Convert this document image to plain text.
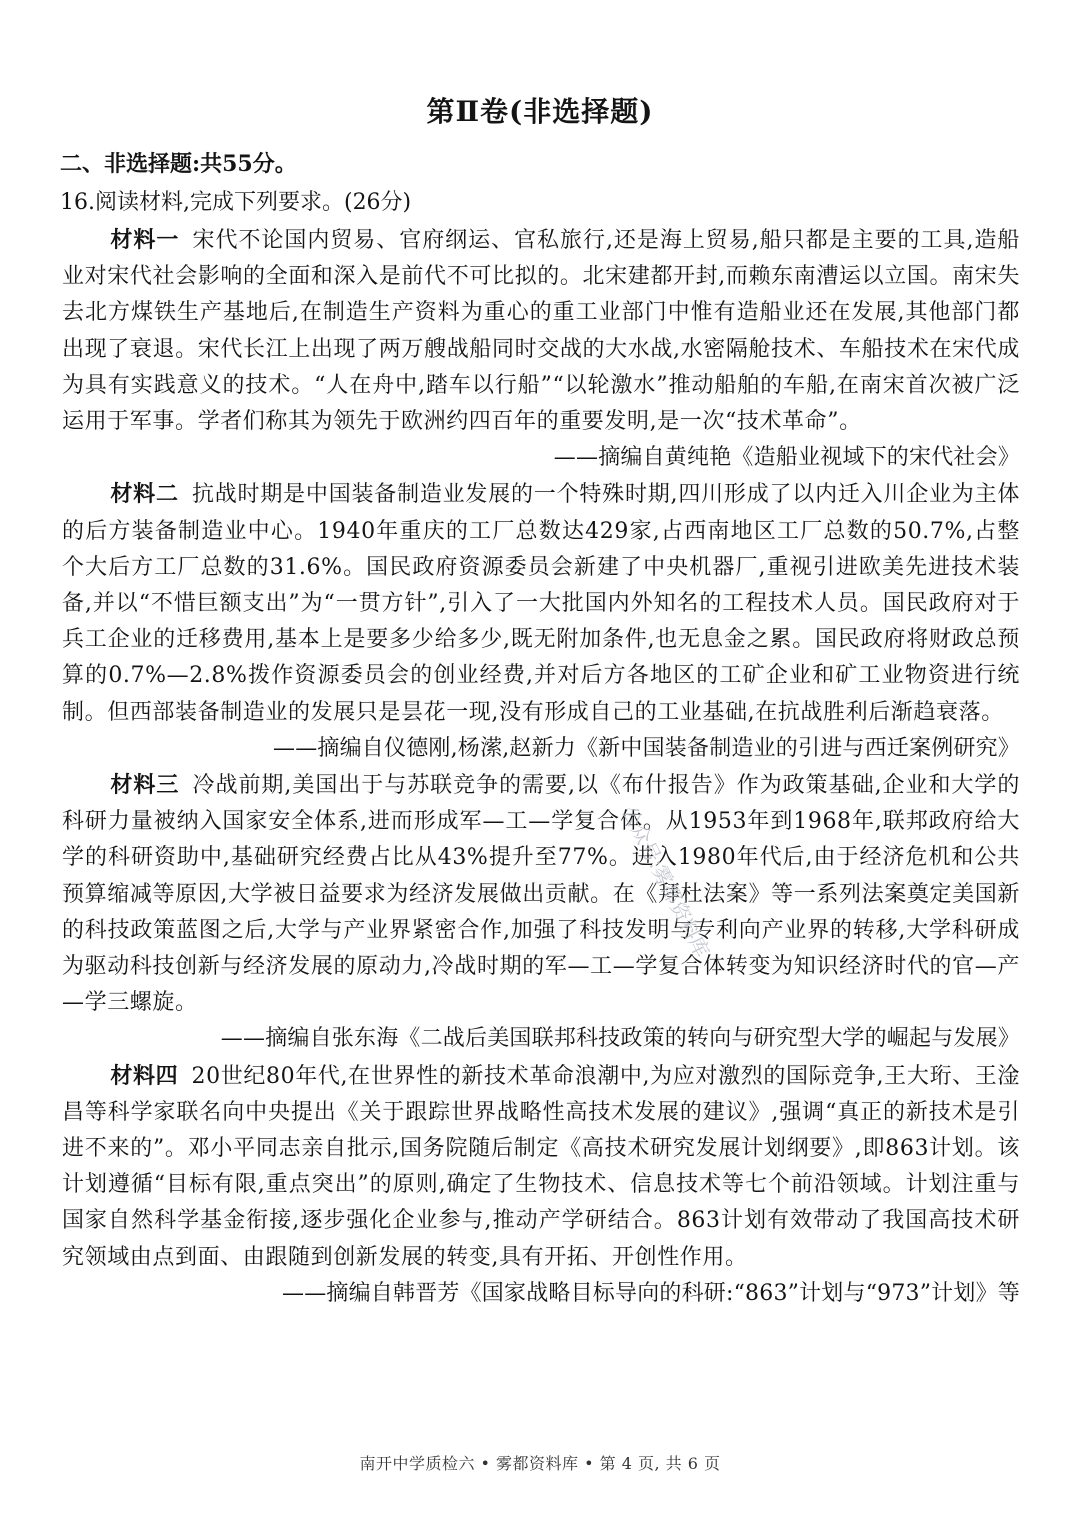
第Ⅱ卷(非选择题)
二、非选择题:共55分。
16.阅读材料,完成下列要求。(26分)

材料一 宋代不论国内贸易、官府纲运、官私旅行,还是海上贸易,船只都是主要的工具,造船业对宋代社会影响的全面和深入是前代不可比拟的。北宋建都开封,而赖东南漕运以立国。南宋失去北方煤铁生产基地后,在制造生产资料为重心的重工业部门中惟有造船业还在发展,其他部门都出现了衰退。宋代长江上出现了两万艘战船同时交战的大水战,水密隔舱技术、车船技术在宋代成为具有实践意义的技术。“人在舟中,踏车以行船”“以轮激水”推动船舶的车船,在南宋首次被广泛运用于军事。学者们称其为领先于欧洲约四百年的重要发明,是一次“技术革命”。

——摘编自黄纯艳《造船业视域下的宋代社会》

材料二 抗战时期是中国装备制造业发展的一个特殊时期,四川形成了以内迁入川企业为主体的后方装备制造业中心。1940年重庆的工厂总数达429家,占西南地区工厂总数的50.7%,占整个大后方工厂总数的31.6%。国民政府资源委员会新建了中央机器厂,重视引进欧美先进技术装备,并以“不惜巨额支出”为“一贯方针”,引入了一大批国内外知名的工程技术人员。国民政府对于兵工企业的迁移费用,基本上是要多少给多少,既无附加条件,也无息金之累。国民政府将财政总预算的0.7%—2.8%拨作资源委员会的创业经费,并对后方各地区的工矿企业和矿工业物资进行统制。但西部装备制造业的发展只是昙花一现,没有形成自己的工业基础,在抗战胜利后渐趋衰落。

——摘编自仪德刚,杨潆,赵新力《新中国装备制造业的引进与西迁案例研究》

材料三 冷战前期,美国出于与苏联竞争的需要,以《布什报告》作为政策基础,企业和大学的科研力量被纳入国家安全体系,进而形成军—工—学复合体。从1953年到1968年,联邦政府给大学的科研资助中,基础研究经费占比从43%提升至77%。进入1980年代后,由于经济危机和公共预算缩减等原因,大学被日益要求为经济发展做出贡献。在《拜杜法案》等一系列法案奠定美国新的科技政策蓝图之后,大学与产业界紧密合作,加强了科技发明与专利向产业界的转移,大学科研成为驱动科技创新与经济发展的原动力,冷战时期的军—工—学复合体转变为知识经济时代的官—产—学三螺旋。

——摘编自张东海《二战后美国联邦科技政策的转向与研究型大学的崛起与发展》

材料四 20世纪80年代,在世界性的新技术革命浪潮中,为应对激烈的国际竞争,王大珩、王淦昌等科学家联名向中央提出《关于跟踪世界战略性高技术发展的建议》,强调“真正的新技术是引进不来的”。邓小平同志亲自批示,国务院随后制定《高技术研究发展计划纲要》,即863计划。该计划遵循“目标有限,重点突出”的原则,确定了生物技术、信息技术等七个前沿领域。计划注重与国家自然科学基金衔接,逐步强化企业参与,推动产学研结合。863计划有效带动了我国高技术研究领域由点到面、由跟随到创新发展的转变,具有开拓、开创性作用。

——摘编自韩晋芳《国家战略目标导向的科研:“863”计划与“973”计划》等

公众号:雾都资料库
南开中学质检六 • 雾都资料库 • 第 4 页, 共 6 页
